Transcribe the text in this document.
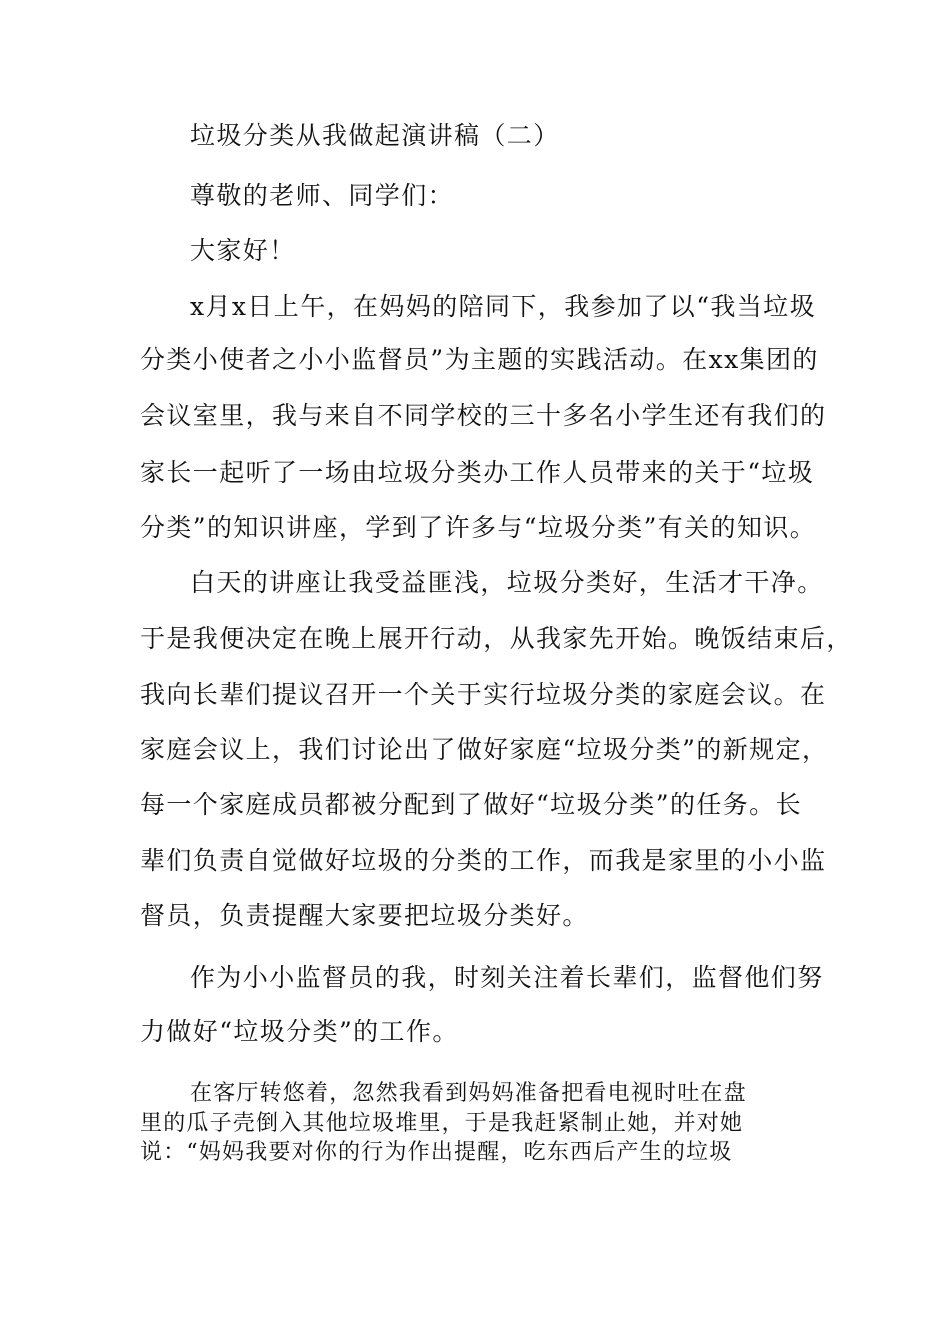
垃圾分类从我做起演讲稿（二）
尊敬的老师、同学们：
大家好！
x月x日上午，在妈妈的陪同下，我参加了以“我当垃圾
分类小使者之小小监督员”为主题的实践活动。在xx集团的
会议室里，我与来自不同学校的三十多名小学生还有我们的
家长一起听了一场由垃圾分类办工作人员带来的关于“垃圾
分类”的知识讲座，学到了许多与“垃圾分类”有关的知识。
白天的讲座让我受益匪浅，垃圾分类好，生活才干净。
于是我便决定在晚上展开行动，从我家先开始。晚饭结束后，
我向长辈们提议召开一个关于实行垃圾分类的家庭会议。在
家庭会议上，我们讨论出了做好家庭“垃圾分类”的新规定，
每一个家庭成员都被分配到了做好“垃圾分类”的任务。长
辈们负责自觉做好垃圾的分类的工作，而我是家里的小小监
督员，负责提醒大家要把垃圾分类好。
作为小小监督员的我，时刻关注着长辈们，监督他们努
力做好“垃圾分类”的工作。
在客厅转悠着，忽然我看到妈妈准备把看电视时吐在盘
里的瓜子壳倒入其他垃圾堆里，于是我赶紧制止她，并对她
说：“妈妈我要对你的行为作出提醒，吃东西后产生的垃圾
